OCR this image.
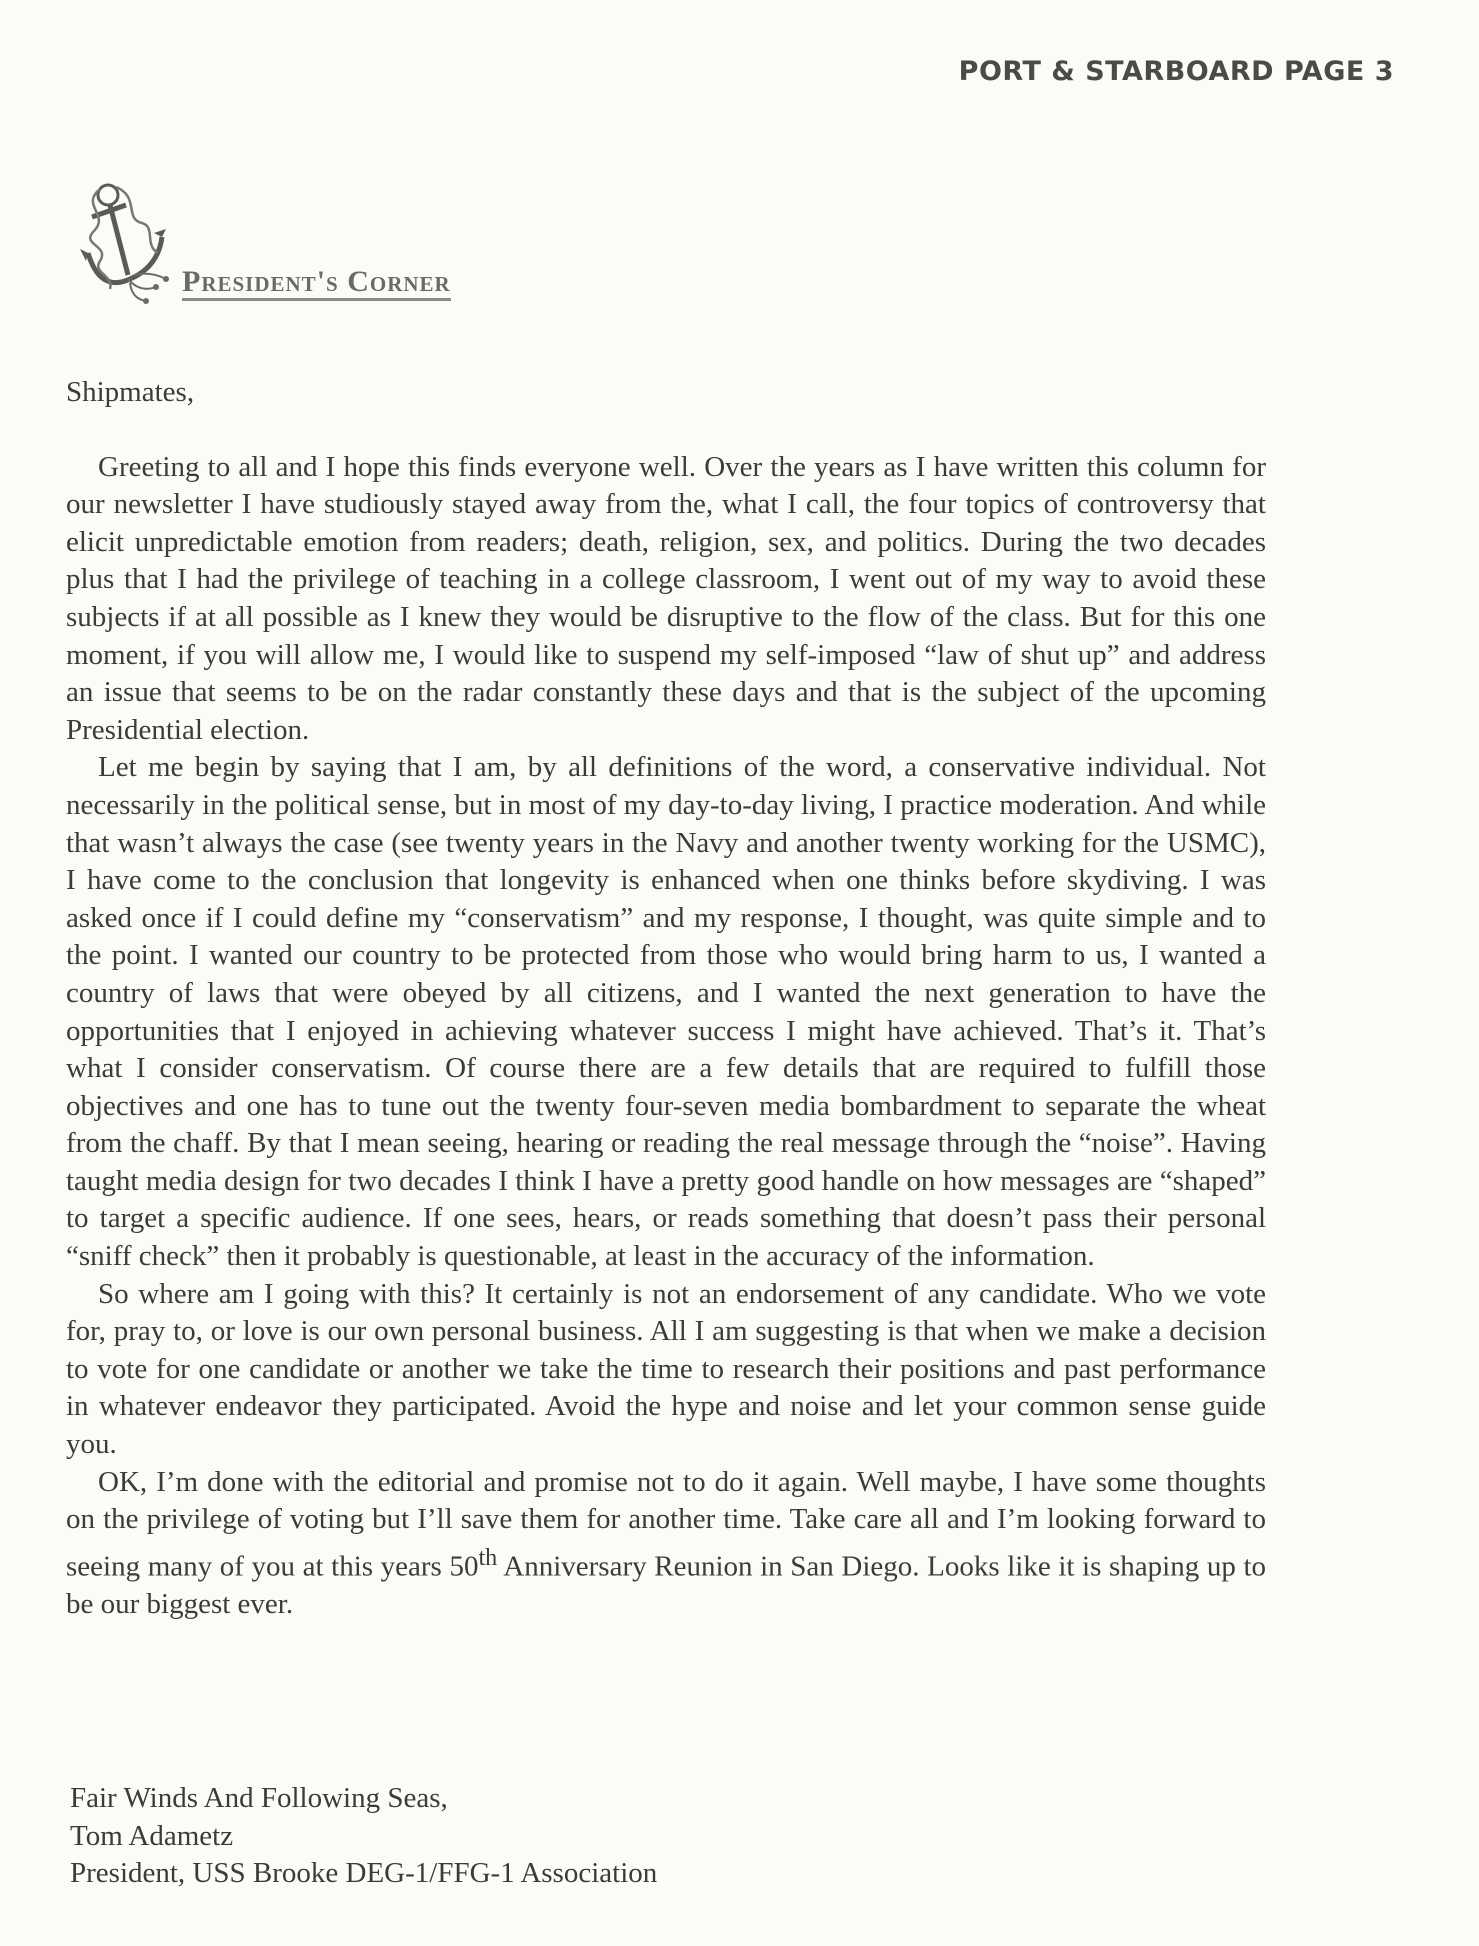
PORT & STARBOARD PAGE 3
President's Corner
Shipmates,

Greeting to all and I hope this finds everyone well. Over the years as I have written this column for our newsletter I have studiously stayed away from the, what I call, the four topics of controversy that elicit unpredictable emotion from readers; death, religion, sex, and politics. During the two decades plus that I had the privilege of teaching in a college classroom, I went out of my way to avoid these subjects if at all possible as I knew they would be disruptive to the flow of the class. But for this one moment, if you will allow me, I would like to suspend my self-imposed “law of shut up” and address an issue that seems to be on the radar constantly these days and that is the subject of the upcoming Presidential election.

Let me begin by saying that I am, by all definitions of the word, a conservative individual. Not necessarily in the political sense, but in most of my day-to-day living, I practice moderation. And while that wasn’t always the case (see twenty years in the Navy and another twenty working for the USMC), I have come to the conclusion that longevity is enhanced when one thinks before skydiving. I was asked once if I could define my “conservatism” and my response, I thought, was quite simple and to the point. I wanted our country to be protected from those who would bring harm to us, I wanted a country of laws that were obeyed by all citizens, and I wanted the next generation to have the opportunities that I enjoyed in achieving whatever success I might have achieved. That’s it. That’s what I consider conservatism. Of course there are a few details that are required to fulfill those objectives and one has to tune out the twenty four-seven media bombardment to separate the wheat from the chaff. By that I mean seeing, hearing or reading the real message through the “noise”. Having taught media design for two decades I think I have a pretty good handle on how messages are “shaped” to target a specific audience. If one sees, hears, or reads something that doesn’t pass their personal “sniff check” then it probably is questionable, at least in the accuracy of the information.

So where am I going with this? It certainly is not an endorsement of any candidate. Who we vote for, pray to, or love is our own personal business. All I am suggesting is that when we make a decision to vote for one candidate or another we take the time to research their positions and past performance in whatever endeavor they participated. Avoid the hype and noise and let your common sense guide you.

OK, I’m done with the editorial and promise not to do it again. Well maybe, I have some thoughts on the privilege of voting but I’ll save them for another time. Take care all and I’m looking forward to seeing many of you at this years 50th Anniversary Reunion in San Diego. Looks like it is shaping up to be our biggest ever.

Fair Winds And Following Seas,
Tom Adametz
President, USS Brooke DEG-1/FFG-1 Association
